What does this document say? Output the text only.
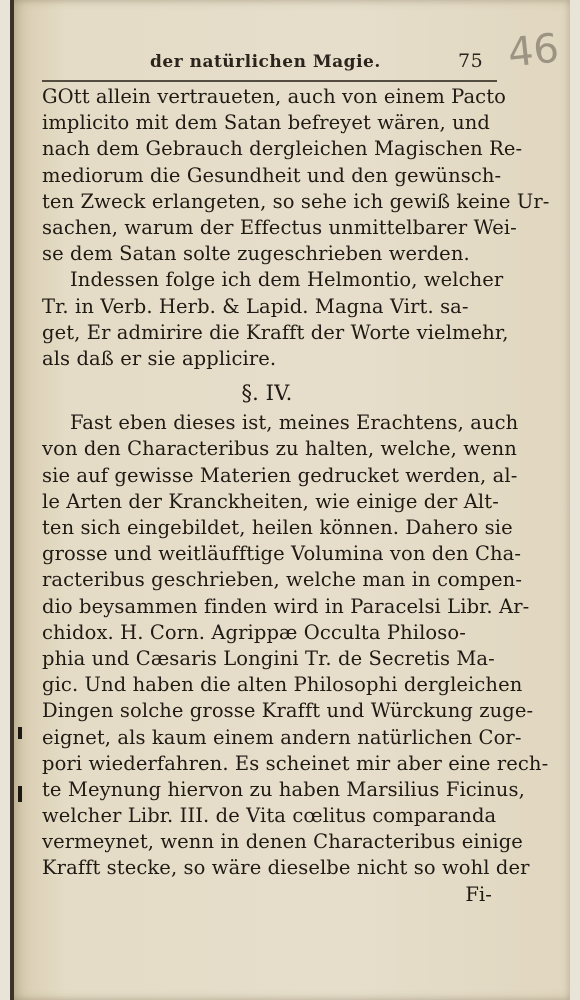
46
der natürlichen Magie.	75
GOtt allein vertraueten, auch von einem Pacto
implicito mit dem Satan befreyet wären, und
nach dem Gebrauch dergleichen Magischen Re-
mediorum die Gesundheit und den gewünsch-
ten Zweck erlangeten, so sehe ich gewiß keine Ur-
sachen, warum der Effectus unmittelbarer Wei-
se dem Satan solte zugeschrieben werden.
Indessen folge ich dem Helmontio, welcher
Tr. in Verb. Herb. & Lapid. Magna Virt. sa-
get, Er admirire die Krafft der Worte vielmehr,
als daß er sie applicire.
§. IV.
Fast eben dieses ist, meines Erachtens, auch
von den Characteribus zu halten, welche, wenn
sie auf gewisse Materien gedrucket werden, al-
le Arten der Kranckheiten, wie einige der Alt-
ten sich eingebildet, heilen können. Dahero sie
grosse und weitläufftige Volumina von den Cha-
racteribus geschrieben, welche man in compen-
dio beysammen finden wird in Paracelsi Libr. Ar-
chidox. H. Corn. Agrippæ Occulta Philoso-
phia und Cæsaris Longini Tr. de Secretis Ma-
gic. Und haben die alten Philosophi dergleichen
Dingen solche grosse Krafft und Würckung zuge-
eignet, als kaum einem andern natürlichen Cor-
pori wiederfahren. Es scheinet mir aber eine rech-
te Meynung hiervon zu haben Marsilius Ficinus,
welcher Libr. III. de Vita cœlitus comparanda
vermeynet, wenn in denen Characteribus einige
Krafft stecke, so wäre dieselbe nicht so wohl der
Fi-
